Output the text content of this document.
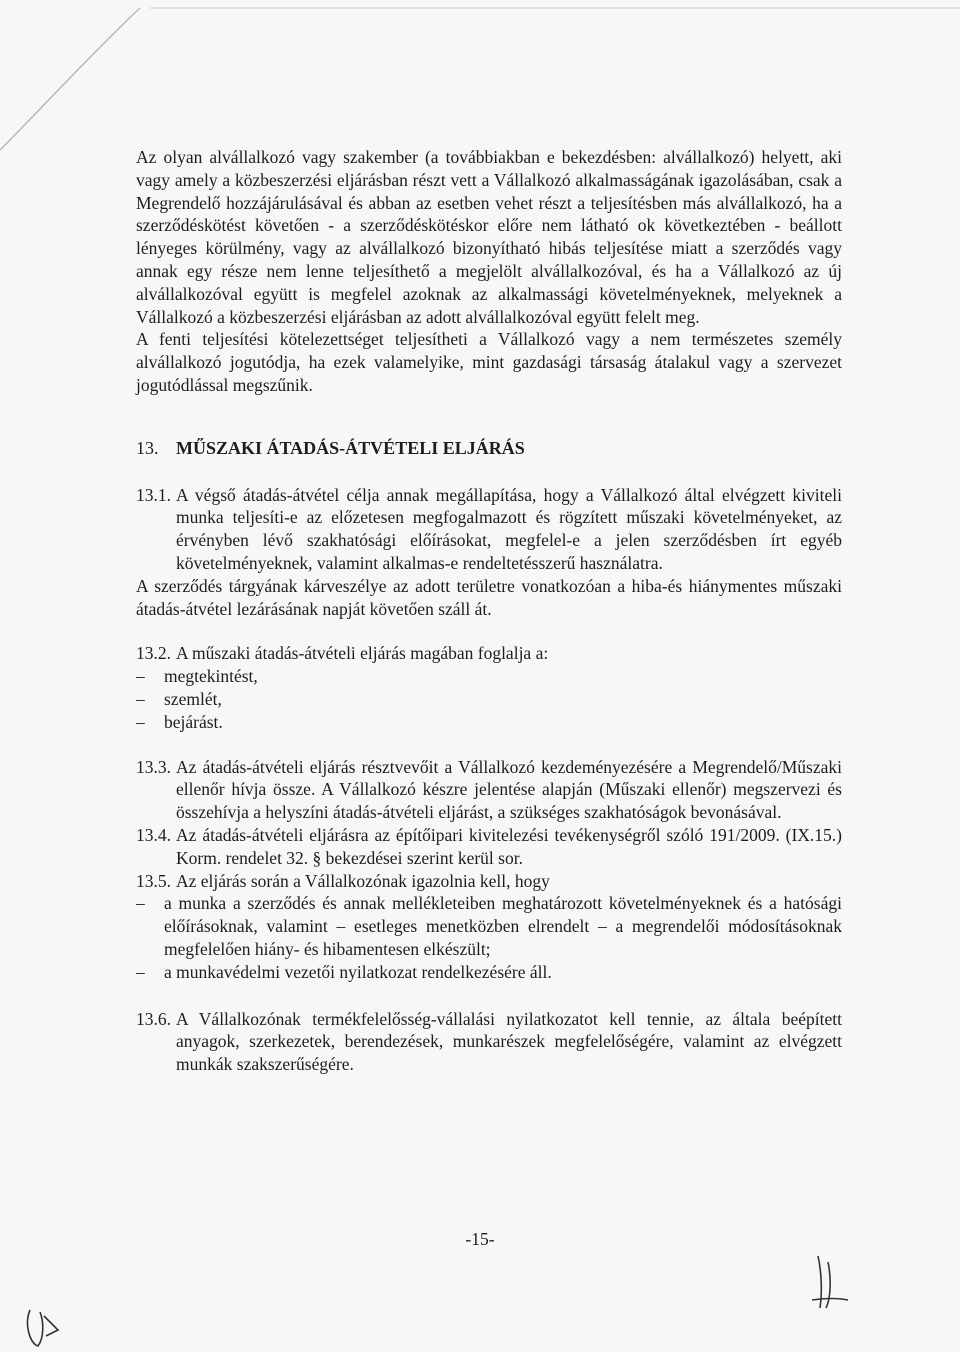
Az olyan alvállalkozó vagy szakember (a továbbiakban e bekezdésben: alvállalkozó) helyett, aki vagy amely a közbeszerzési eljárásban részt vett a Vállalkozó alkalmasságának igazolásában, csak a Megrendelő hozzájárulásával és abban az esetben vehet részt a teljesítésben más alvállalkozó, ha a szerződéskötést követően - a szerződéskötéskor előre nem látható ok következtében - beállott lényeges körülmény, vagy az alvállalkozó bizonyítható hibás teljesítése miatt a szerződés vagy annak egy része nem lenne teljesíthető a megjelölt alvállalkozóval, és ha a Vállalkozó az új alvállalkozóval együtt is megfelel azoknak az alkalmassági követelményeknek, melyeknek a Vállalkozó a közbeszerzési eljárásban az adott alvállalkozóval együtt felelt meg.

A fenti teljesítési kötelezettséget teljesítheti a Vállalkozó vagy a nem természetes személy alvállalkozó jogutódja, ha ezek valamelyike, mint gazdasági társaság átalakul vagy a szervezet jogutódlással megszűnik.

13. MŰSZAKI ÁTADÁS-ÁTVÉTELI ELJÁRÁS
13.1. A végső átadás-átvétel célja annak megállapítása, hogy a Vállalkozó által elvégzett kiviteli munka teljesíti-e az előzetesen megfogalmazott és rögzített műszaki követelményeket, az érvényben lévő szakhatósági előírásokat, megfelel-e a jelen szerződésben írt egyéb követelményeknek, valamint alkalmas-e rendeltetésszerű használatra.

A szerződés tárgyának kárveszélye az adott területre vonatkozóan a hiba-és hiánymentes műszaki átadás-átvétel lezárásának napját követően száll át.

13.2. A műszaki átadás-átvételi eljárás magában foglalja a:

–	megtekintést,
–	szemlét,
–	bejárást.
13.3. Az átadás-átvételi eljárás résztvevőit a Vállalkozó kezdeményezésére a Megrendelő/Műszaki ellenőr hívja össze. A Vállalkozó készre jelentése alapján (Műszaki ellenőr) megszervezi és összehívja a helyszíni átadás-átvételi eljárást, a szükséges szakhatóságok bevonásával.

13.4. Az átadás-átvételi eljárásra az építőipari kivitelezési tevékenységről szóló 191/2009. (IX.15.) Korm. rendelet 32. § bekezdései szerint kerül sor.

13.5. Az eljárás során a Vállalkozónak igazolnia kell, hogy

–	a munka a szerződés és annak mellékleteiben meghatározott követelményeknek és a hatósági előírásoknak, valamint – esetleges menetközben elrendelt – a megrendelői módosításoknak megfelelően hiány- és hibamentesen elkészült;
–	a munkavédelmi vezetői nyilatkozat rendelkezésére áll.
13.6. A Vállalkozónak termékfelelősség-vállalási nyilatkozatot kell tennie, az általa beépített anyagok, szerkezetek, berendezések, munkarészek megfelelőségére, valamint az elvégzett munkák szakszerűségére.

-15-
